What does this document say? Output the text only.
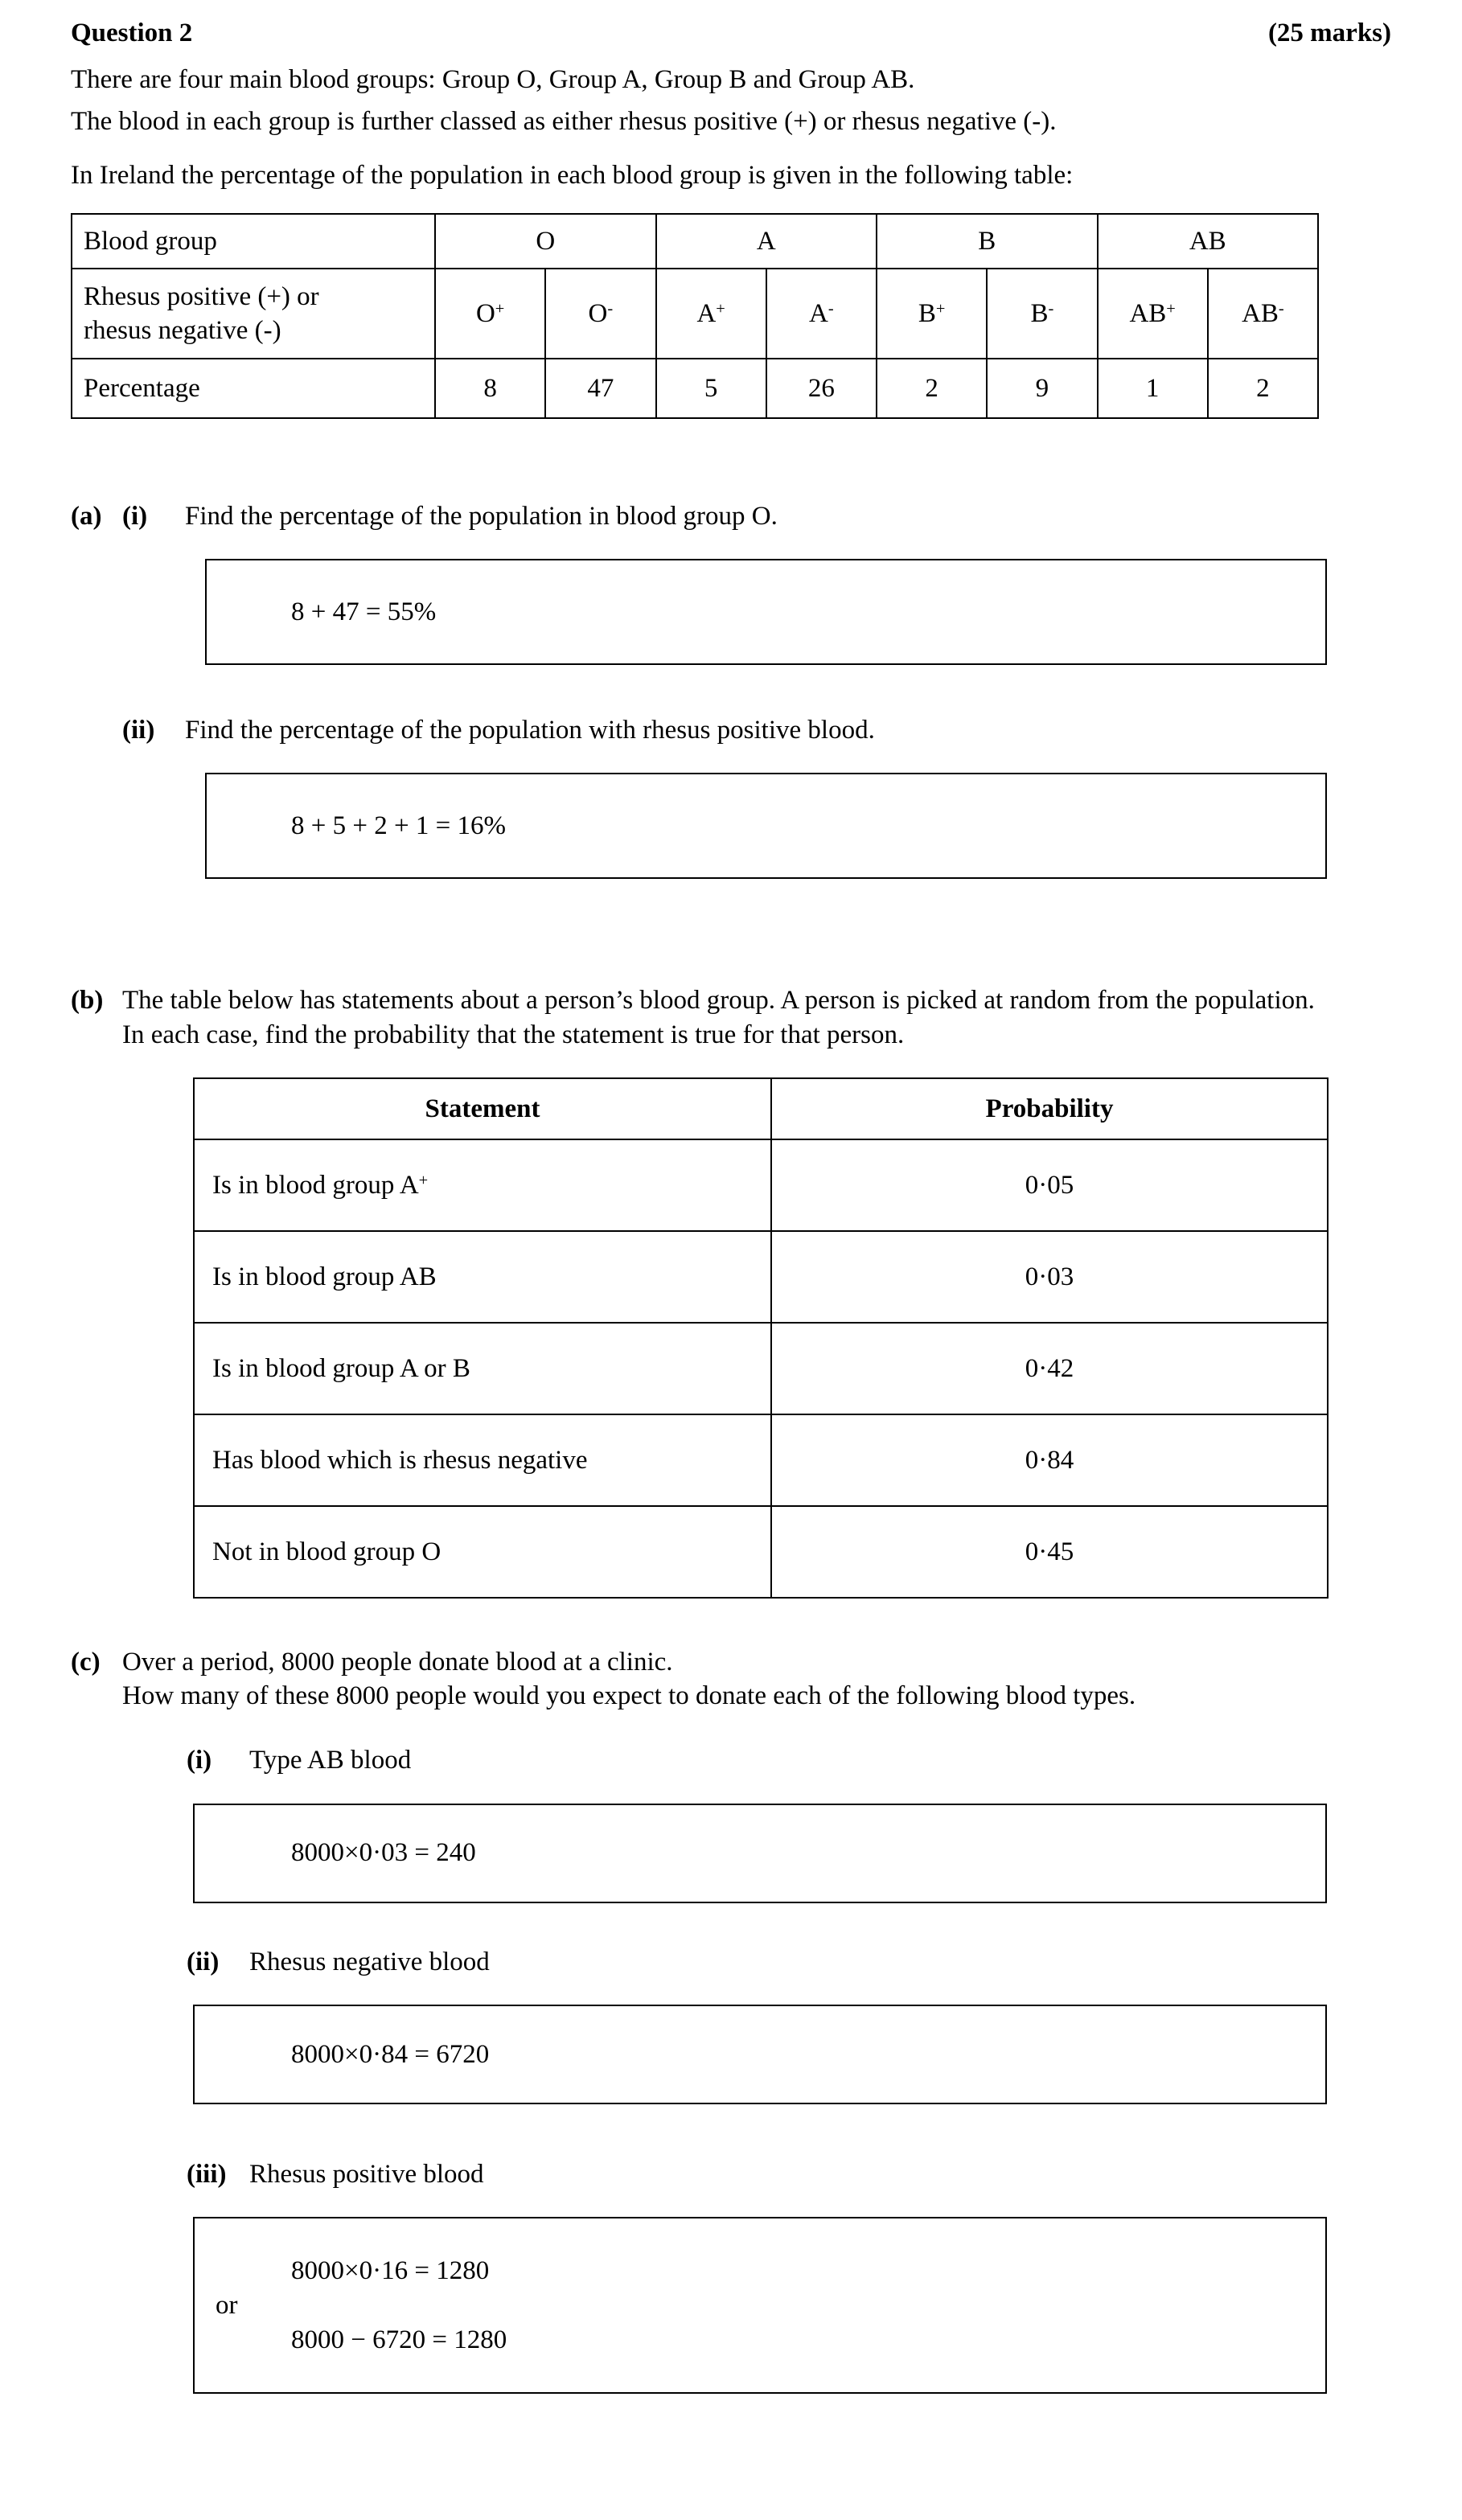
Question 2	(25 marks)

There are four main blood groups: Group O, Group A, Group B and Group AB.

The blood in each group is further classed as either rhesus positive (+) or rhesus negative (-).

In Ireland the percentage of the population in each blood group is given in the following table:

Blood group	O		A		B		AB	

Rhesus positive (+) or
rhesus negative (-)	O+	O-	A+	A-	B+	B-	AB+	AB-
Percentage	8	47	5	26	2	9	1	2
(a) (i)	Find the percentage of the population in blood group O.
8 + 47 = 55%
(ii)	Find the percentage of the population with rhesus positive blood.
8 + 5 + 2 + 1 = 16%
(b) The table below has statements about a person’s blood group. A person is picked at random from the population. In each case, find the probability that the statement is true for that person.
Statement	Probability
Is in blood group A+	0·05
Is in blood group AB	0·03
Is in blood group A or B	0·42
Has blood which is rhesus negative	0·84
Not in blood group O	0·45
(c) Over a period, 8000 people donate blood at a clinic.
How many of these 8000 people would you expect to donate each of the following blood types.
(i)	Type AB blood
8000×0·03 = 240
(ii)	Rhesus negative blood
8000×0·84 = 6720
(iii) Rhesus positive blood
or
8000×0·16 = 1280
8000 − 6720 = 1280
